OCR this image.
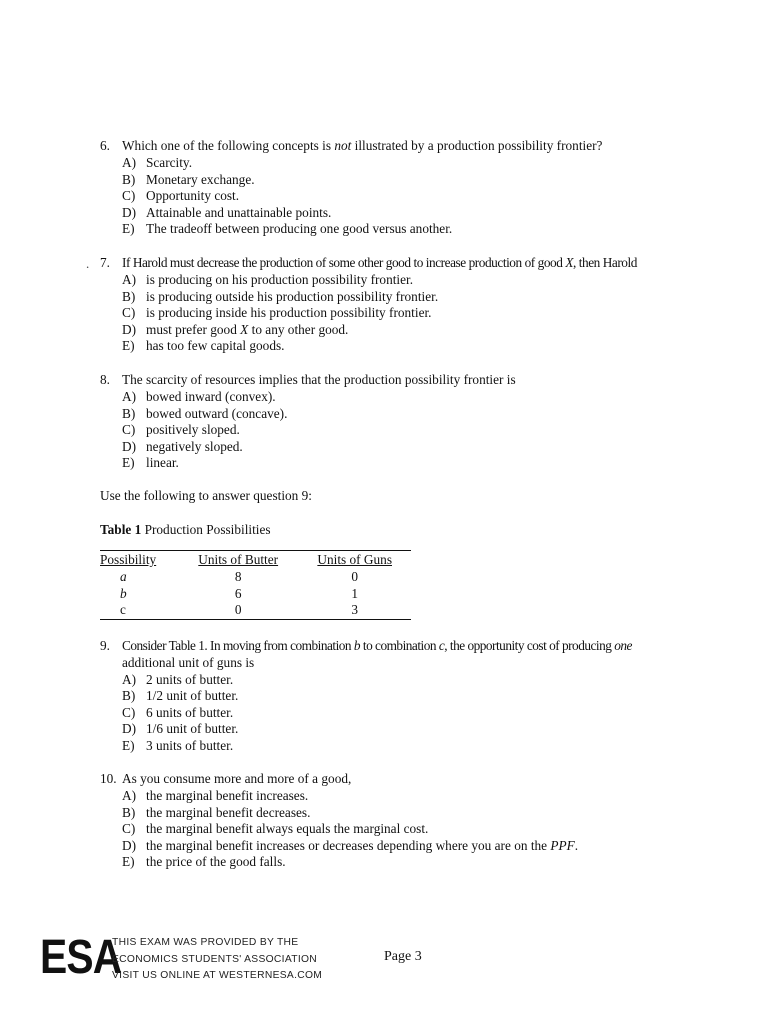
6. Which one of the following concepts is not illustrated by a production possibility frontier?
A) Scarcity.
B) Monetary exchange.
C) Opportunity cost.
D) Attainable and unattainable points.
E) The tradeoff between producing one good versus another.
. 7. If Harold must decrease the production of some other good to increase production of good X, then Harold
A) is producing on his production possibility frontier.
B) is producing outside his production possibility frontier.
C) is producing inside his production possibility frontier.
D) must prefer good X to any other good.
E) has too few capital goods.
8. The scarcity of resources implies that the production possibility frontier is
A) bowed inward (convex).
B) bowed outward (concave).
C) positively sloped.
D) negatively sloped.
E) linear.
Use the following to answer question 9:
Table 1 Production Possibilities
Possibility	Units of Butter	Units of Guns
a	8	0
b	6	1
c	0	3
9. Consider Table 1. In moving from combination b to combination c, the opportunity cost of producing one
additional unit of guns is
A) 2 units of butter.
B) 1/2 unit of butter.
C) 6 units of butter.
D) 1/6 unit of butter.
E) 3 units of butter.
10. As you consume more and more of a good,
A) the marginal benefit increases.
B) the marginal benefit decreases.
C) the marginal benefit always equals the marginal cost.
D) the marginal benefit increases or decreases depending where you are on the PPF.
E) the price of the good falls.
ESA
THIS EXAM WAS PROVIDED BY THE
ECONOMICS STUDENTS' ASSOCIATION
VISIT US ONLINE AT WESTERNESA.COM
Page 3
